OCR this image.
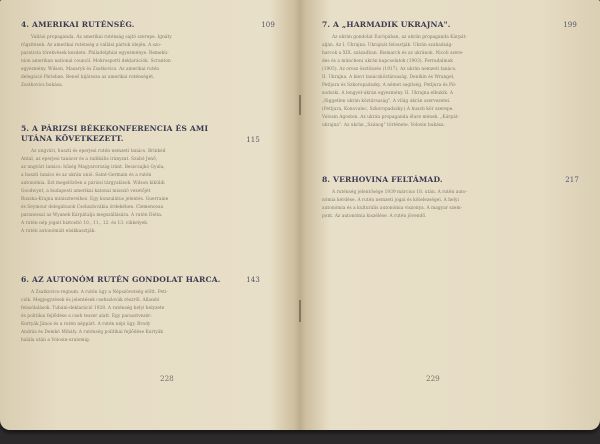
4. AMERIKAI RUTÉNSÉG.	109
Vallási propaganda. Az amerikai ruténság sajtó szerepe. Ignáty
rögzitések. Az amerikai ruténség a vallási pártok idején. A szo-
paratista törekvések kezdete. Philadelphiai egyezménye. Remekü-
nion amerikan national council. Mokrosporti deklarációk. Scranton
egyezmény. Wilson, Masaryk és Zsatkovics. Az amerikai rutén
delegáció Párisban. Beneš kijátssza az amerikai ruténségét.
Zsatkovics bukása.
5. A PÁRIZSI BÉKEKONFERENCIA ÉS AMI UTÁNA KÖVETKEZETT.	115
Az ungvári, huszti és eperjesi rutén nemzeti tanács. Brinkéd
Antal, az eperjesi tanácsr és a radikális irányzat. Szabó Jenő,
az ungvári tanács: hűség Magyarország iránt. Beszcsajkó Gyula,
a huszti tanács és az ukrán unió. Saint-Germain és a rutén
autonómia. Ezt megelőzően a párizsi tárgyalások. Wilson kiküldi
Goodwynt, a budapesti amerikai katonai misszió vezetőjét
Ruszka-Krajna minisztereihez. Egy konzulátus jelentés. Guerraine
és Seymour delegátusok Csehszlovákia ördekében. Clemenceau
paranessal az Wyanek Kárpátalja megszállására. A rutén Diéta.
A rutén nép jogait biztosító 10., 11., 12. és 13. cikkelyek.
A rutén autonómiát elsikkasztják.
6. AZ AUTONÓM RUTÉN GONDOLAT HARCA.	143
A Zsatkovics-regnum. A rutén ügy a Népszövetség előtt. Peti-
ciók. Megjegyzések és jelentések csehszlovák részről. Állandó
felszólalások. Tubáni-deklaráció 1928. A ruténség helyi helyzete
és politikai fejlődése a cseh teszer alatt. Egy parasztvezér:
Kurtyák János és a rutén néppárt. A rutén népi ügy, Brody
András és Demkó Mihály. A ruténség politikai fejlődése Kurtyák
halála után a Volosin-uralomig.
228
7. A „HARMADIK UKRAJNA".	199
Az ukrán gondolat Európában, az ukrán propaganda Kárpát-
alján. Az I. Ukrajna. Ukrajnát felosztják. Ukrán szabadság-
harcok a XIX. században. Bismarck és az ukránok. Nicoli szere-
des és a müncheni ukrán kapcsolatok (1903). Ferradalmak
(1905). Az orosz ösztönzés (1917). Az ukrán nemzeti tanács.
II. Ukrajna. A kievi tanácsköztársaság. Denikin és Wrangel,
Petljura és Szkoropadszky. A német segítség. Petljura és Pil-
sudszki. A lengyel-ukrán egyezmény. II. Ukrajna elbukik. A
„független ukrán köztársaság". A világ ukrán szervezetei.
(Petljura, Konovalec, Szkoropadszky.) A huszti kör szerepe.
Volosin Ágoston. Az ukrán propaganda élure mének. „Kárpát-
ukrajna". Az ukrán „Szánog" története. Volosin bukása.
8. VERHOVINA FELTÁMAD.	217
A ruténség jelentősége 1939 március 18. után. A rutén auto-
nómia kérdése. A rutén nemzeti jogai és kötelezségei. A helyi
autonómia és a kulturális autonómia viszonya. A magyar szem-
pont. Az autonómia kiszélése. A rutén jövendő.
229
